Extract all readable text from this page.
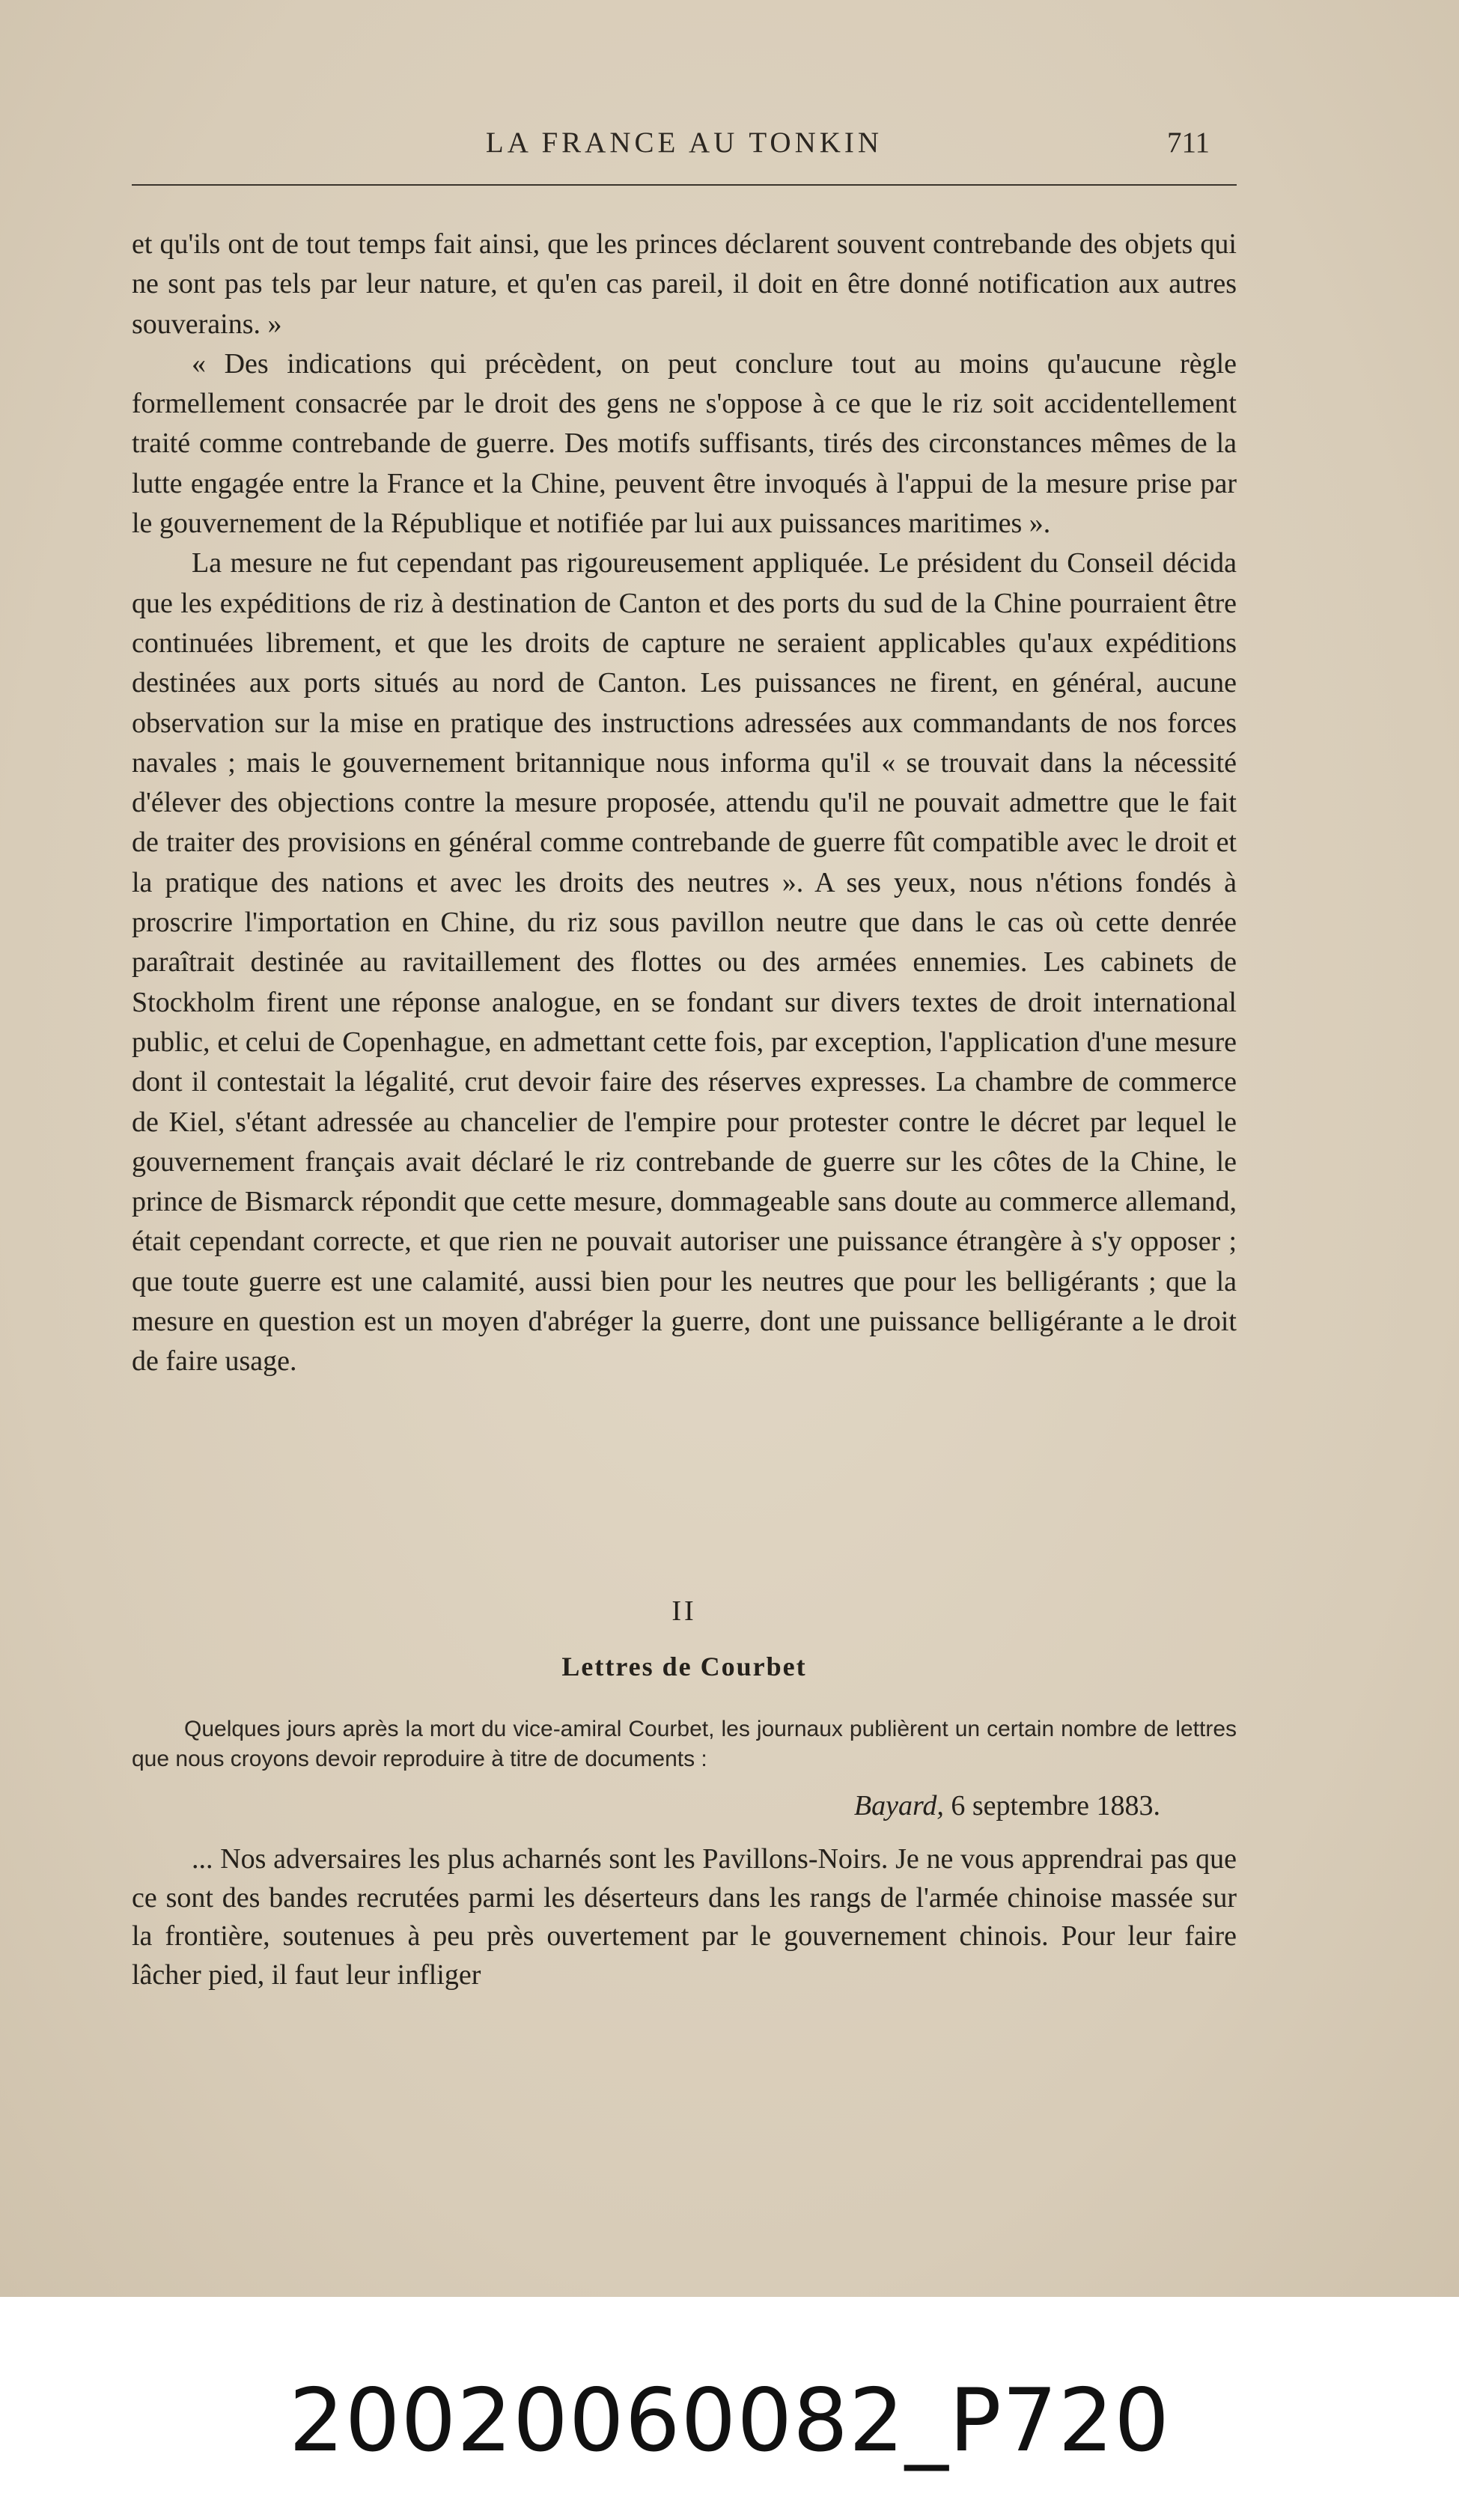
LA FRANCE AU TONKIN	711

et qu'ils ont de tout temps fait ainsi, que les princes déclarent souvent contrebande des objets qui ne sont pas tels par leur nature, et qu'en cas pareil, il doit en être donné notification aux autres souverains. »

« Des indications qui précèdent, on peut conclure tout au moins qu'aucune règle formellement consacrée par le droit des gens ne s'oppose à ce que le riz soit accidentellement traité comme contrebande de guerre. Des motifs suffisants, tirés des circonstances mêmes de la lutte engagée entre la France et la Chine, peuvent être invoqués à l'appui de la mesure prise par le gouvernement de la République et notifiée par lui aux puissances maritimes ».

La mesure ne fut cependant pas rigoureusement appliquée. Le président du Conseil décida que les expéditions de riz à destination de Canton et des ports du sud de la Chine pourraient être continuées librement, et que les droits de capture ne seraient applicables qu'aux expéditions destinées aux ports situés au nord de Canton. Les puissances ne firent, en général, aucune observation sur la mise en pratique des instructions adressées aux commandants de nos forces navales ; mais le gouvernement britannique nous informa qu'il « se trouvait dans la nécessité d'élever des objections contre la mesure proposée, attendu qu'il ne pouvait admettre que le fait de traiter des provisions en général comme contrebande de guerre fût compatible avec le droit et la pratique des nations et avec les droits des neutres ». A ses yeux, nous n'étions fondés à proscrire l'importation en Chine, du riz sous pavillon neutre que dans le cas où cette denrée paraîtrait destinée au ravitaillement des flottes ou des armées ennemies. Les cabinets de Stockholm firent une réponse analogue, en se fondant sur divers textes de droit international public, et celui de Copenhague, en admettant cette fois, par exception, l'application d'une mesure dont il contestait la légalité, crut devoir faire des réserves expresses. La chambre de commerce de Kiel, s'étant adressée au chancelier de l'empire pour protester contre le décret par lequel le gouvernement français avait déclaré le riz contrebande de guerre sur les côtes de la Chine, le prince de Bismarck répondit que cette mesure, dommageable sans doute au commerce allemand, était cependant correcte, et que rien ne pouvait autoriser une puissance étrangère à s'y opposer ; que toute guerre est une calamité, aussi bien pour les neutres que pour les belligérants ; que la mesure en question est un moyen d'abréger la guerre, dont une puissance belligérante a le droit de faire usage.

II
Lettres de Courbet
Quelques jours après la mort du vice-amiral Courbet, les journaux publièrent un certain nombre de lettres que nous croyons devoir reproduire à titre de documents :
Bayard, 6 septembre 1883.
... Nos adversaires les plus acharnés sont les Pavillons-Noirs. Je ne vous apprendrai pas que ce sont des bandes recrutées parmi les déserteurs dans les rangs de l'armée chinoise massée sur la frontière, soutenues à peu près ouvertement par le gouvernement chinois. Pour leur faire lâcher pied, il faut leur infliger
20020060082_P720
